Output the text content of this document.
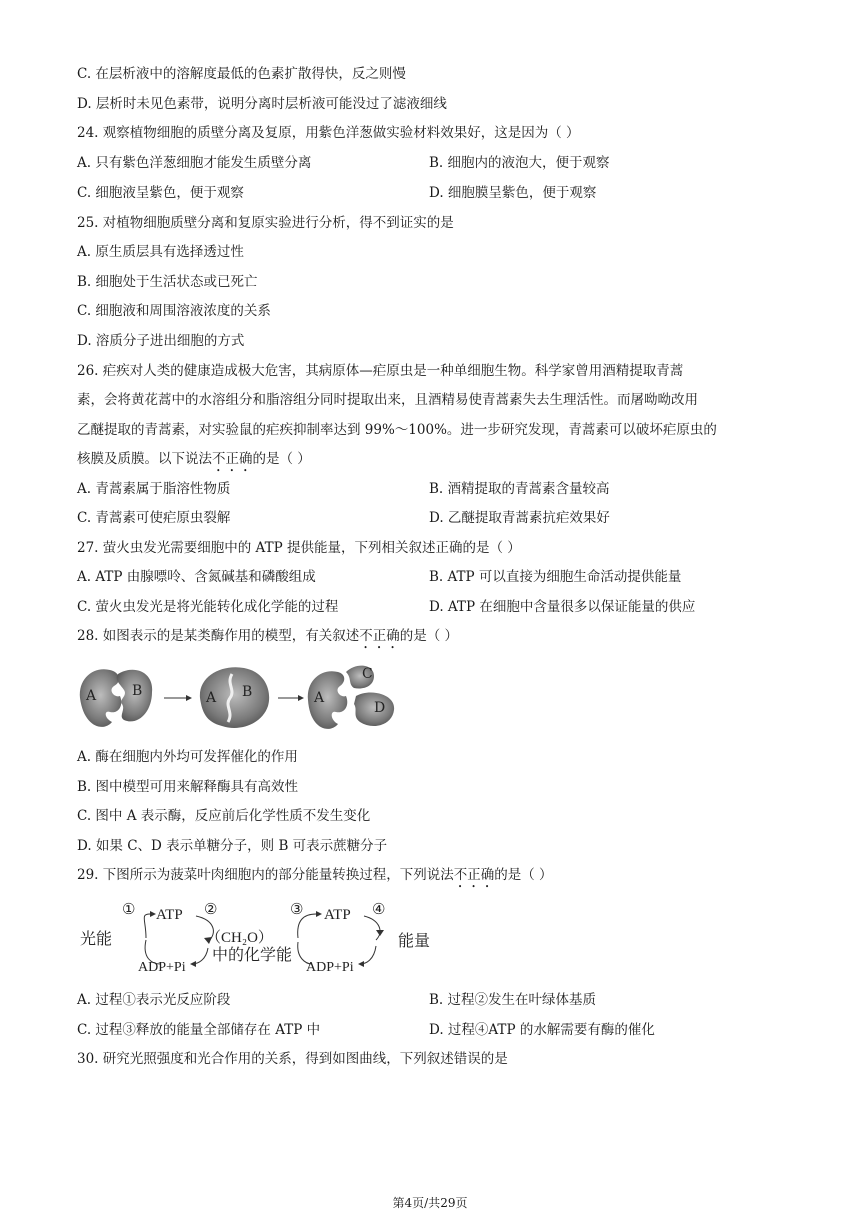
C. 在层析液中的溶解度最低的色素扩散得快，反之则慢
D. 层析时未见色素带，说明分离时层析液可能没过了滤液细线
24. 观察植物细胞的质壁分离及复原，用紫色洋葱做实验材料效果好，这是因为（ ）
A. 只有紫色洋葱细胞才能发生质壁分离	B. 细胞内的液泡大，便于观察
C. 细胞液呈紫色，便于观察	D. 细胞膜呈紫色，便于观察
25. 对植物细胞质壁分离和复原实验进行分析，得不到证实的是
A. 原生质层具有选择透过性
B. 细胞处于生活状态或已死亡
C. 细胞液和周围溶液浓度的关系
D. 溶质分子进出细胞的方式
26. 疟疾对人类的健康造成极大危害，其病原体—疟原虫是一种单细胞生物。科学家曾用酒精提取青蒿
素，会将黄花蒿中的水溶组分和脂溶组分同时提取出来，且酒精易使青蒿素失去生理活性。而屠呦呦改用
乙醚提取的青蒿素，对实验鼠的疟疾抑制率达到 99%～100%。进一步研究发现，青蒿素可以破坏疟原虫的
核膜及质膜。以下说法不正确的是（ ）
A. 青蒿素属于脂溶性物质	B. 酒精提取的青蒿素含量较高
C. 青蒿素可使疟原虫裂解	D. 乙醚提取青蒿素抗疟效果好
27. 萤火虫发光需要细胞中的 ATP 提供能量，下列相关叙述正确的是（ ）
A. ATP 由腺嘌呤、含氮碱基和磷酸组成	B. ATP 可以直接为细胞生命活动提供能量
C. 萤火虫发光是将光能转化成化学能的过程	D. ATP 在细胞中含量很多以保证能量的供应
28. 如图表示的是某类酶作用的模型，有关叙述不正确的是（ ）
A	B	A B	A
C
D
A. 酶在细胞内外均可发挥催化的作用
B. 图中模型可用来解释酶具有高效性
C. 图中 A 表示酶，反应前后化学性质不发生变化
D. 如果 C、D 表示单糖分子，则 B 可表示蔗糖分子
29. 下图所示为菠菜叶肉细胞内的部分能量转换过程，下列说法不正确的是（ ）
光能
① ATP ②
ADP+Pi
（CH₂O）
中的化学能
③ ATP ④
ADP+Pi
能量
A. 过程①表示光反应阶段	B. 过程②发生在叶绿体基质
C. 过程③释放的能量全部储存在 ATP 中	D. 过程④ATP 的水解需要有酶的催化
30. 研究光照强度和光合作用的关系，得到如图曲线，下列叙述错误的是
第4页/共29页
